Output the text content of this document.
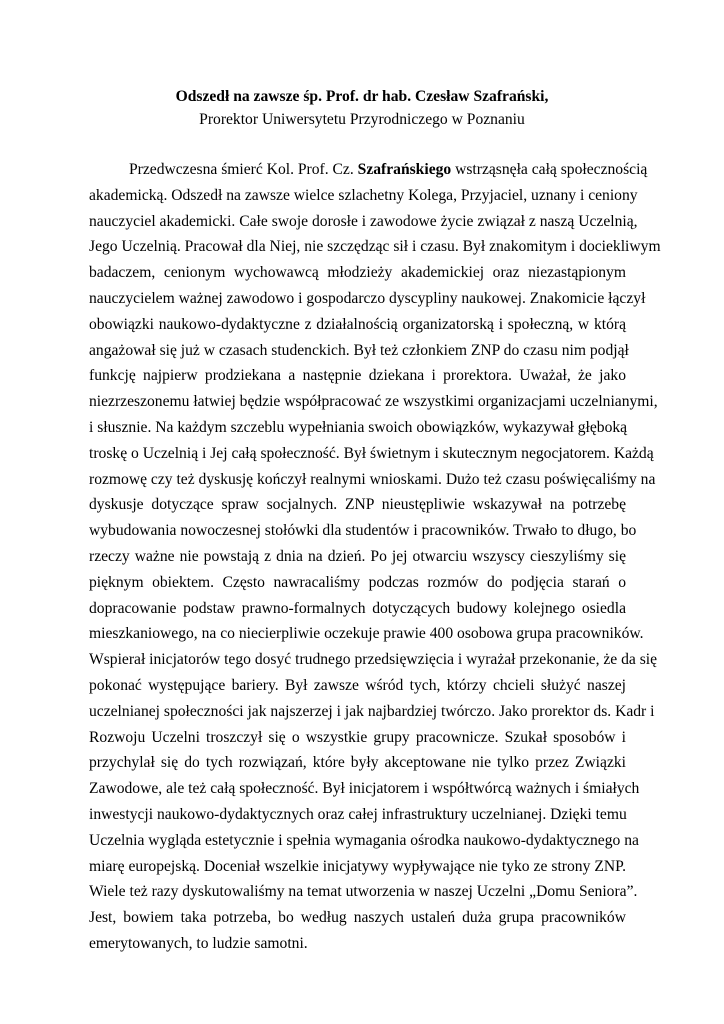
Odszedł na zawsze śp. Prof. dr hab. Czesław Szafrański,
Prorektor Uniwersytetu Przyrodniczego w Poznaniu
Przedwczesna śmierć Kol. Prof. Cz. Szafrańskiego wstrząsnęła całą społecznością
akademicką. Odszedł na zawsze wielce szlachetny Kolega, Przyjaciel, uznany i ceniony
nauczyciel akademicki. Całe swoje dorosłe i zawodowe życie związał z naszą Uczelnią,
Jego Uczelnią. Pracował dla Niej, nie szczędząc sił i czasu. Był znakomitym i dociekliwym
badaczem, cenionym wychowawcą młodzieży akademickiej oraz niezastąpionym
nauczycielem ważnej zawodowo i gospodarczo dyscypliny naukowej. Znakomicie łączył
obowiązki naukowo-dydaktyczne z działalnością organizatorską i społeczną, w którą
angażował się już w czasach studenckich. Był też członkiem ZNP do czasu nim podjął
funkcję najpierw prodziekana a następnie dziekana i prorektora. Uważał, że jako
niezrzeszonemu łatwiej będzie współpracować ze wszystkimi organizacjami uczelnianymi,
i słusznie. Na każdym szczeblu wypełniania swoich obowiązków, wykazywał głęboką
troskę o Uczelnią i Jej całą społeczność. Był świetnym i skutecznym negocjatorem. Każdą
rozmowę czy też dyskusję kończył realnymi wnioskami. Dużo też czasu poświęcaliśmy na
dyskusje dotyczące spraw socjalnych. ZNP nieustępliwie wskazywał na potrzebę
wybudowania nowoczesnej stołówki dla studentów i pracowników. Trwało to długo, bo
rzeczy ważne nie powstają z dnia na dzień. Po jej otwarciu wszyscy cieszyliśmy się
pięknym obiektem. Często nawracaliśmy podczas rozmów do podjęcia starań o
dopracowanie podstaw prawno-formalnych dotyczących budowy kolejnego osiedla
mieszkaniowego, na co niecierpliwie oczekuje prawie 400 osobowa grupa pracowników.
Wspierał inicjatorów tego dosyć trudnego przedsięwzięcia i wyrażał przekonanie, że da się
pokonać występujące bariery. Był zawsze wśród tych, którzy chcieli służyć naszej
uczelnianej społeczności jak najszerzej i jak najbardziej twórczo. Jako prorektor ds. Kadr i
Rozwoju Uczelni troszczył się o wszystkie grupy pracownicze. Szukał sposobów i
przychylał się do tych rozwiązań, które były akceptowane nie tylko przez Związki
Zawodowe, ale też całą społeczność. Był inicjatorem i współtwórcą ważnych i śmiałych
inwestycji naukowo-dydaktycznych oraz całej infrastruktury uczelnianej. Dzięki temu
Uczelnia wygląda estetycznie i spełnia wymagania ośrodka naukowo-dydaktycznego na
miarę europejską. Doceniał wszelkie inicjatywy wypływające nie tyko ze strony ZNP.
Wiele też razy dyskutowaliśmy na temat utworzenia w naszej Uczelni „Domu Seniora”.
Jest, bowiem taka potrzeba, bo według naszych ustaleń duża grupa pracowników
emerytowanych, to ludzie samotni.
